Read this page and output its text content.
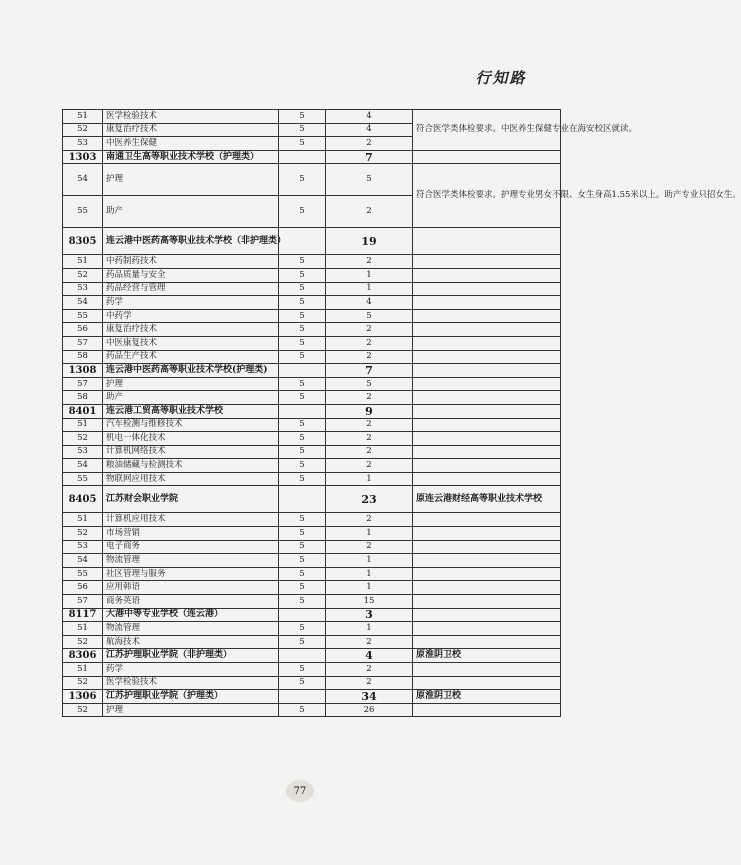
行知路
51	医学检验技术	5	4	符合医学类体检要求。中医养生保健专业在海安校区就读。
52	康复治疗技术	5	4	
53	中医养生保健	5	2	
1303	南通卫生高等职业技术学校（护理类）		7	
54	护理	5	5	符合医学类体检要求。护理专业男女不限、女生身高1.55米以上。助产专业只招女生。
55	助产	5	2	
8305	连云港中医药高等职业技术学校（非护理类）		19	
51	中药制药技术	5	2	
52	药品质量与安全	5	1	
53	药品经营与管理	5	1	
54	药学	5	4	
55	中药学	5	5	
56	康复治疗技术	5	2	
57	中医康复技术	5	2	
58	药品生产技术	5	2	
1308	连云港中医药高等职业技术学校(护理类)		7	
57	护理	5	5	
58	助产	5	2	
8401	连云港工贸高等职业技术学校		9	
51	汽车检测与维修技术	5	2	
52	机电一体化技术	5	2	
53	计算机网络技术	5	2	
54	粮油储藏与检测技术	5	2	
55	物联网应用技术	5	1	
8405	江苏财会职业学院		23	原连云港财经高等职业技术学校
51	计算机应用技术	5	2	
52	市场营销	5	1	
53	电子商务	5	2	
54	物流管理	5	1	
55	社区管理与服务	5	1	
56	应用韩语	5	1	
57	商务英语	5	15	
8117	大港中等专业学校（连云港）		3	
51	物流管理	5	1	
52	航海技术	5	2	
8306	江苏护理职业学院（非护理类）		4	原淮阴卫校
51	药学	5	2	
52	医学检验技术	5	2	
1306	江苏护理职业学院（护理类）		34	原淮阴卫校
52	护理	5	26	
77
